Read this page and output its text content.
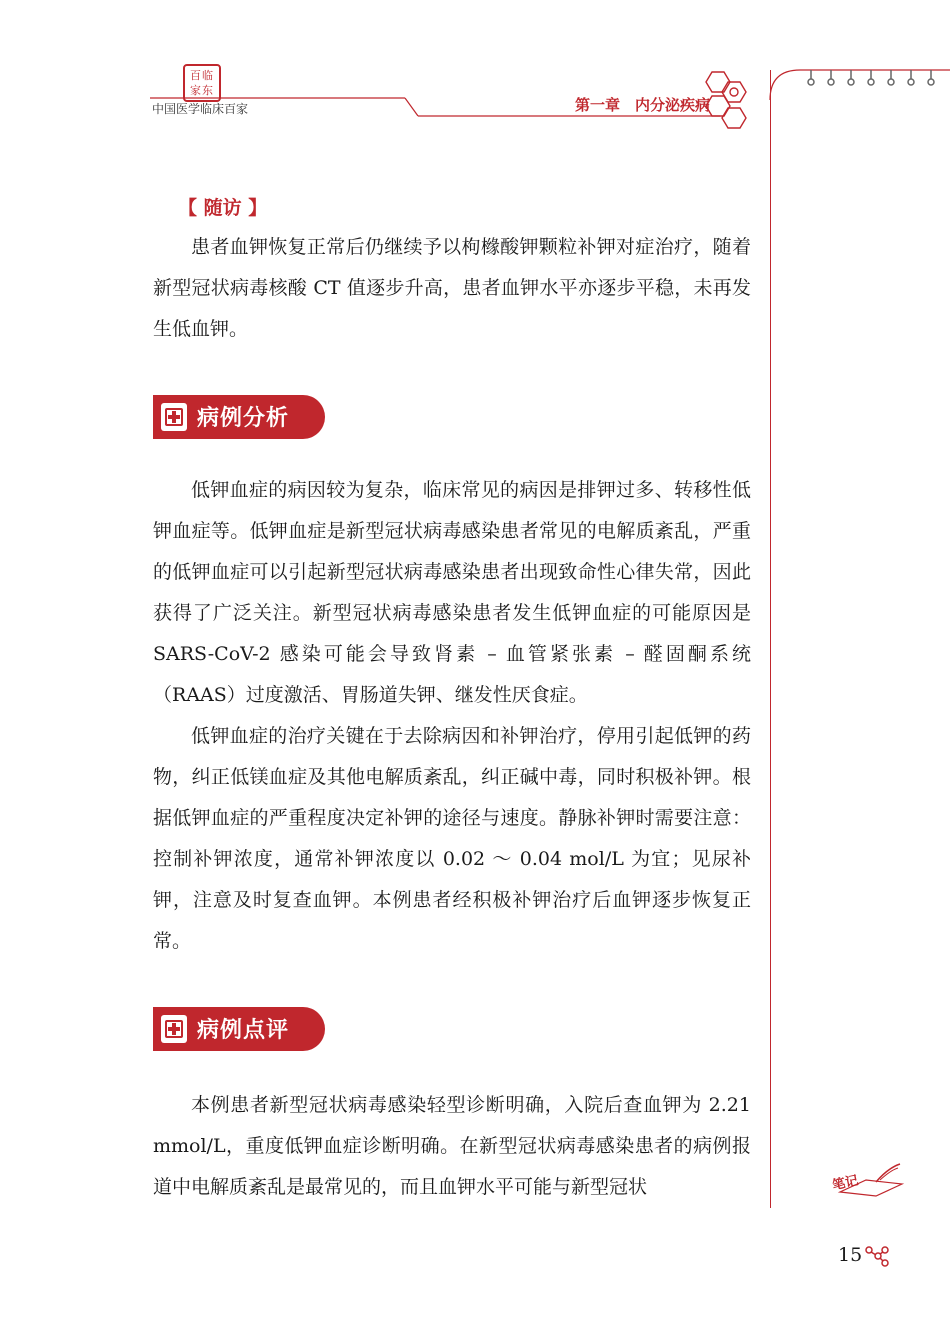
百临家东
中国医学临床百家	第一章　内分泌疾病
【 随访 】

患者血钾恢复正常后仍继续予以枸橼酸钾颗粒补钾对症治疗，随着新型冠状病毒核酸 CT 值逐步升高，患者血钾水平亦逐步平稳，未再发生低血钾。

病例分析

低钾血症的病因较为复杂，临床常见的病因是排钾过多、转移性低钾血症等。低钾血症是新型冠状病毒感染患者常见的电解质紊乱，严重的低钾血症可以引起新型冠状病毒感染患者出现致命性心律失常，因此获得了广泛关注。新型冠状病毒感染患者发生低钾血症的可能原因是 SARS-CoV-2 感染可能会导致肾素 – 血管紧张素 – 醛固酮系统（RAAS）过度激活、胃肠道失钾、继发性厌食症。

低钾血症的治疗关键在于去除病因和补钾治疗，停用引起低钾的药物，纠正低镁血症及其他电解质紊乱，纠正碱中毒，同时积极补钾。根据低钾血症的严重程度决定补钾的途径与速度。静脉补钾时需要注意：控制补钾浓度，通常补钾浓度以 0.02 ～ 0.04 mol/L 为宜；见尿补钾，注意及时复查血钾。本例患者经积极补钾治疗后血钾逐步恢复正常。

病例点评

本例患者新型冠状病毒感染轻型诊断明确，入院后查血钾为 2.21 mmol/L，重度低钾血症诊断明确。在新型冠状病毒感染患者的病例报道中电解质紊乱是最常见的，而且血钾水平可能与新型冠状	笔记
15
